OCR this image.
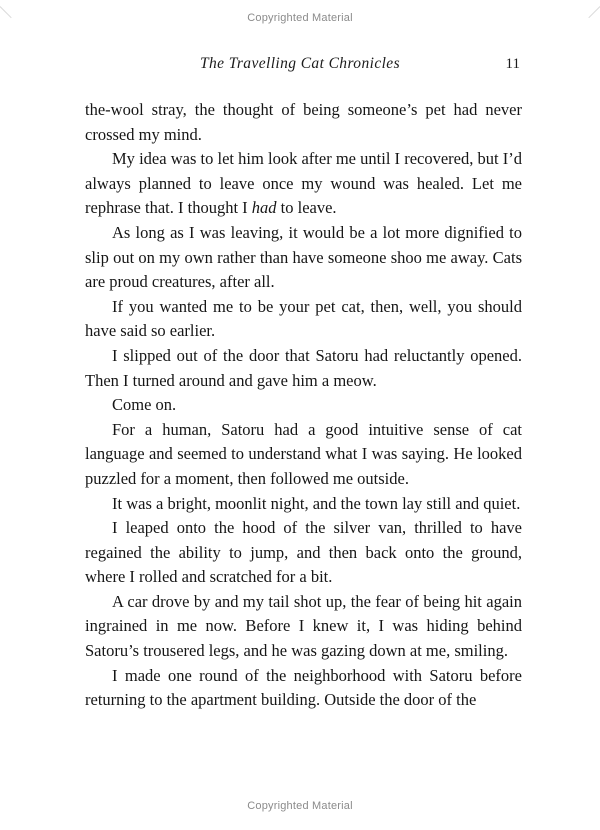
Copyrighted Material
The Travelling Cat Chronicles	11

the-wool stray, the thought of being someone’s pet had never crossed my mind.

My idea was to let him look after me until I recovered, but I’d always planned to leave once my wound was healed. Let me rephrase that. I thought I had to leave.

As long as I was leaving, it would be a lot more dignified to slip out on my own rather than have someone shoo me away. Cats are proud creatures, after all.

If you wanted me to be your pet cat, then, well, you should have said so earlier.

I slipped out of the door that Satoru had reluctantly opened. Then I turned around and gave him a meow.

Come on.

For a human, Satoru had a good intuitive sense of cat language and seemed to understand what I was saying. He looked puzzled for a moment, then followed me outside.

It was a bright, moonlit night, and the town lay still and quiet.

I leaped onto the hood of the silver van, thrilled to have regained the ability to jump, and then back onto the ground, where I rolled and scratched for a bit.

A car drove by and my tail shot up, the fear of being hit again ingrained in me now. Before I knew it, I was hiding behind Satoru’s trousered legs, and he was gazing down at me, smiling.

I made one round of the neighborhood with Satoru before returning to the apartment building. Outside the door of the

Copyrighted Material
